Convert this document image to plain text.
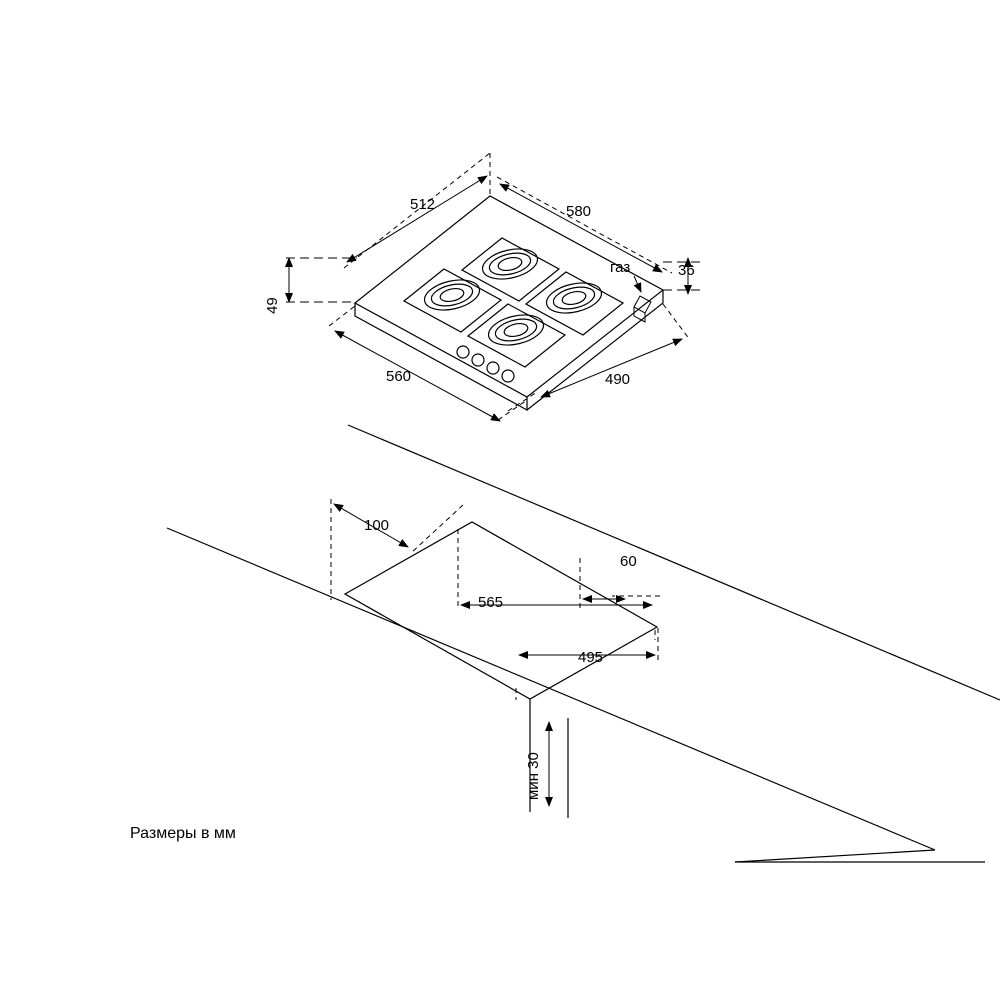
512	580
49
36
газ
560	490
100
60
565
495
мин 30
Размеры в мм
